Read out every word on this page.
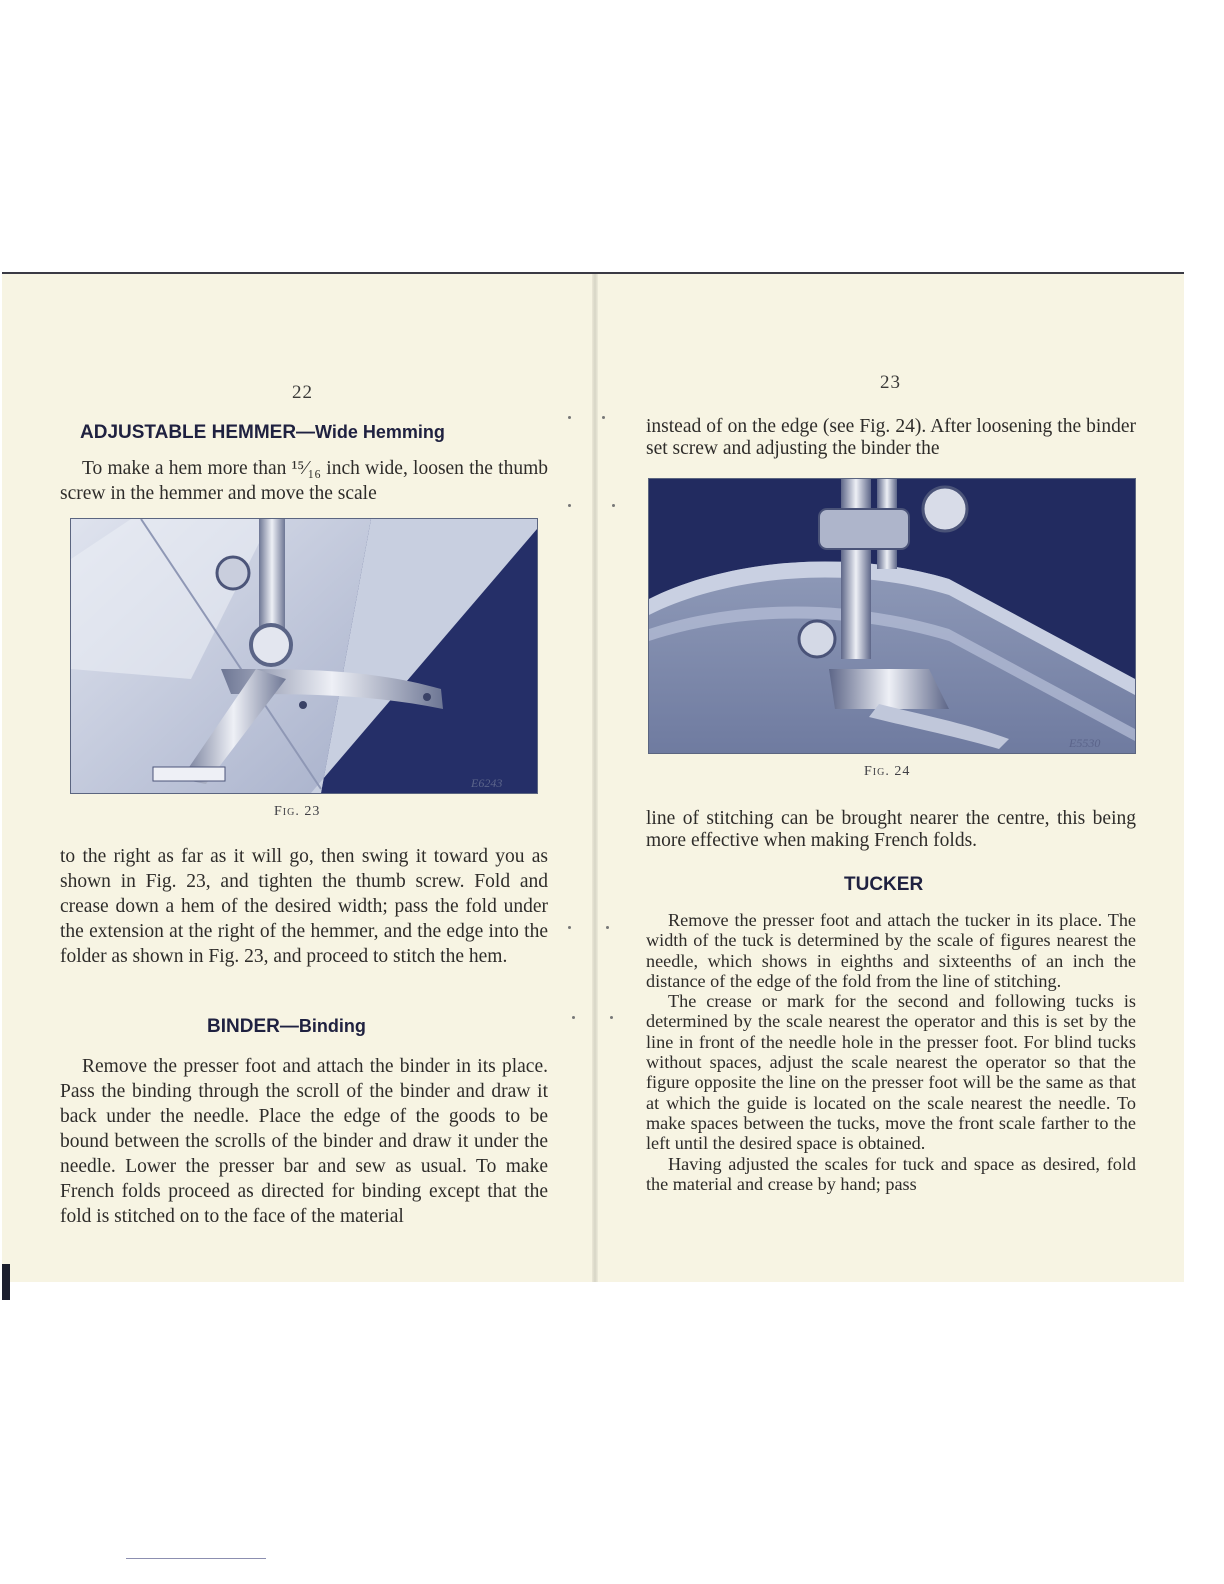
22
ADJUSTABLE HEMMER—Wide Hemming

To make a hem more than ¹⁵⁄₁₆ inch wide, loosen the thumb screw in the hemmer and move the scale

E6243
Fig. 23

to the right as far as it will go, then swing it toward you as shown in Fig. 23, and tighten the thumb screw. Fold and crease down a hem of the desired width; pass the fold under the extension at the right of the hemmer, and the edge into the folder as shown in Fig. 23, and proceed to stitch the hem.

BINDER—Binding

Remove the presser foot and attach the binder in its place. Pass the binding through the scroll of the binder and draw it back under the needle. Place the edge of the goods to be bound between the scrolls of the binder and draw it under the needle. Lower the presser bar and sew as usual. To make French folds proceed as directed for binding except that the fold is stitched on to the face of the material

23

instead of on the edge (see Fig. 24). After loosening the binder set screw and adjusting the binder the

E5530
Fig. 24

line of stitching can be brought nearer the centre, this being more effective when making French folds.

TUCKER

Remove the presser foot and attach the tucker in its place. The width of the tuck is determined by the scale of figures nearest the needle, which shows in eighths and sixteenths of an inch the distance of the edge of the fold from the line of stitching.

The crease or mark for the second and following tucks is determined by the scale nearest the operator and this is set by the line in front of the needle hole in the presser foot. For blind tucks without spaces, adjust the scale nearest the operator so that the figure opposite the line on the presser foot will be the same as that at which the guide is located on the scale nearest the needle. To make spaces between the tucks, move the front scale farther to the left until the desired space is obtained.

Having adjusted the scales for tuck and space as desired, fold the material and crease by hand; pass
